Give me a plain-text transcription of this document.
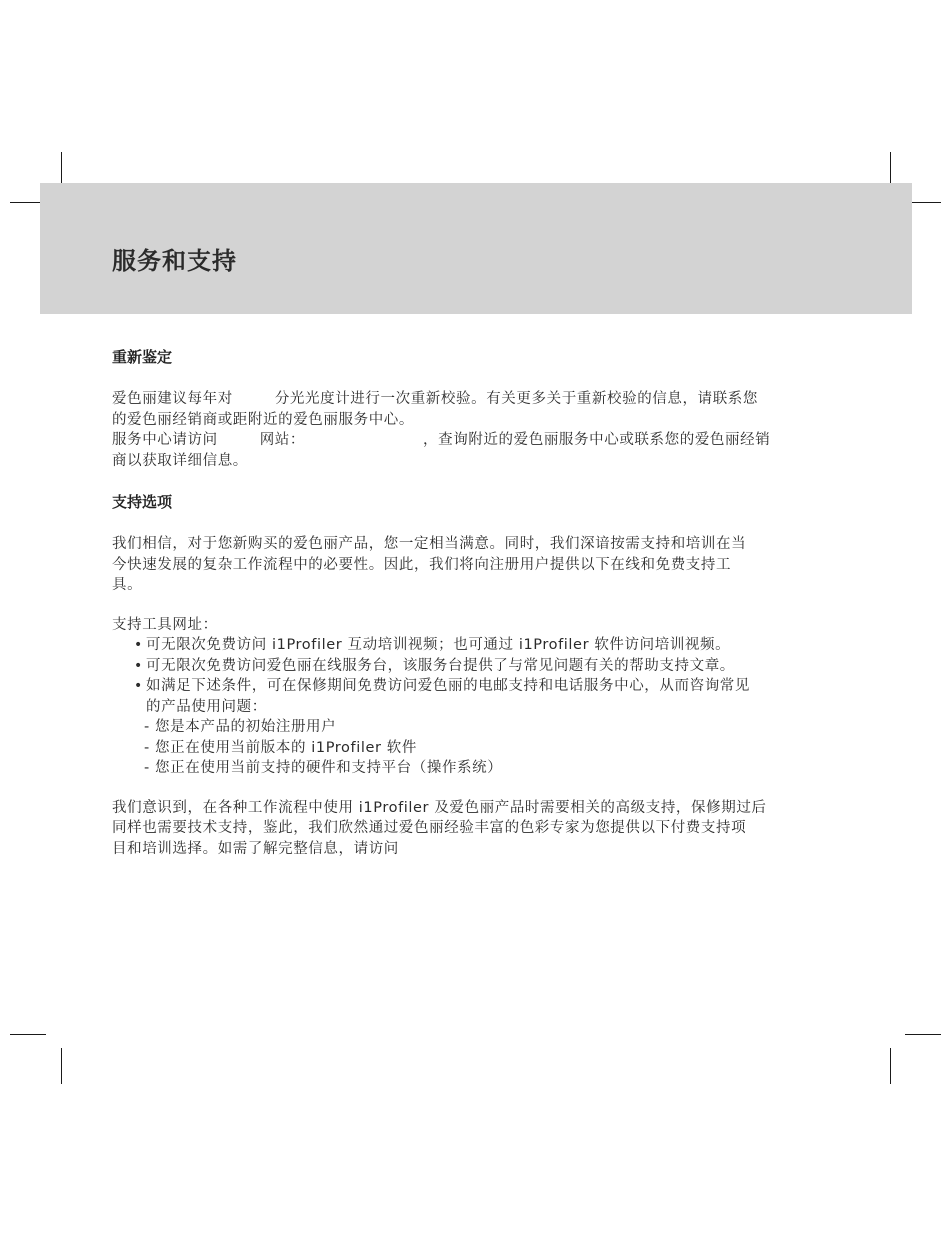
服务和支持
重新鉴定

爱色丽建议每年对	分光光度计进行一次重新校验。有关更多关于重新校验的信息，请联系您
的爱色丽经销商或距附近的爱色丽服务中心。

服务中心请访问	网站：	，查询附近的爱色丽服务中心或联系您的爱色丽经销
商以获取详细信息。

支持选项

我们相信，对于您新购买的爱色丽产品，您一定相当满意。同时，我们深谙按需支持和培训在当
今快速发展的复杂工作流程中的必要性。因此，我们将向注册用户提供以下在线和免费支持工
具。

支持工具网址：

• 可无限次免费访问 i1Profiler 互动培训视频；也可通过 i1Profiler 软件访问培训视频。
• 可无限次免费访问爱色丽在线服务台，该服务台提供了与常见问题有关的帮助支持文章。
• 如满足下述条件，可在保修期间免费访问爱色丽的电邮支持和电话服务中心，从而咨询常见
的产品使用问题：
- 您是本产品的初始注册用户
- 您正在使用当前版本的 i1Profiler 软件
- 您正在使用当前支持的硬件和支持平台（操作系统）

我们意识到，在各种工作流程中使用 i1Profiler 及爱色丽产品时需要相关的高级支持，保修期过后
同样也需要技术支持，鉴此，我们欣然通过爱色丽经验丰富的色彩专家为您提供以下付费支持项
目和培训选择。如需了解完整信息，请访问
